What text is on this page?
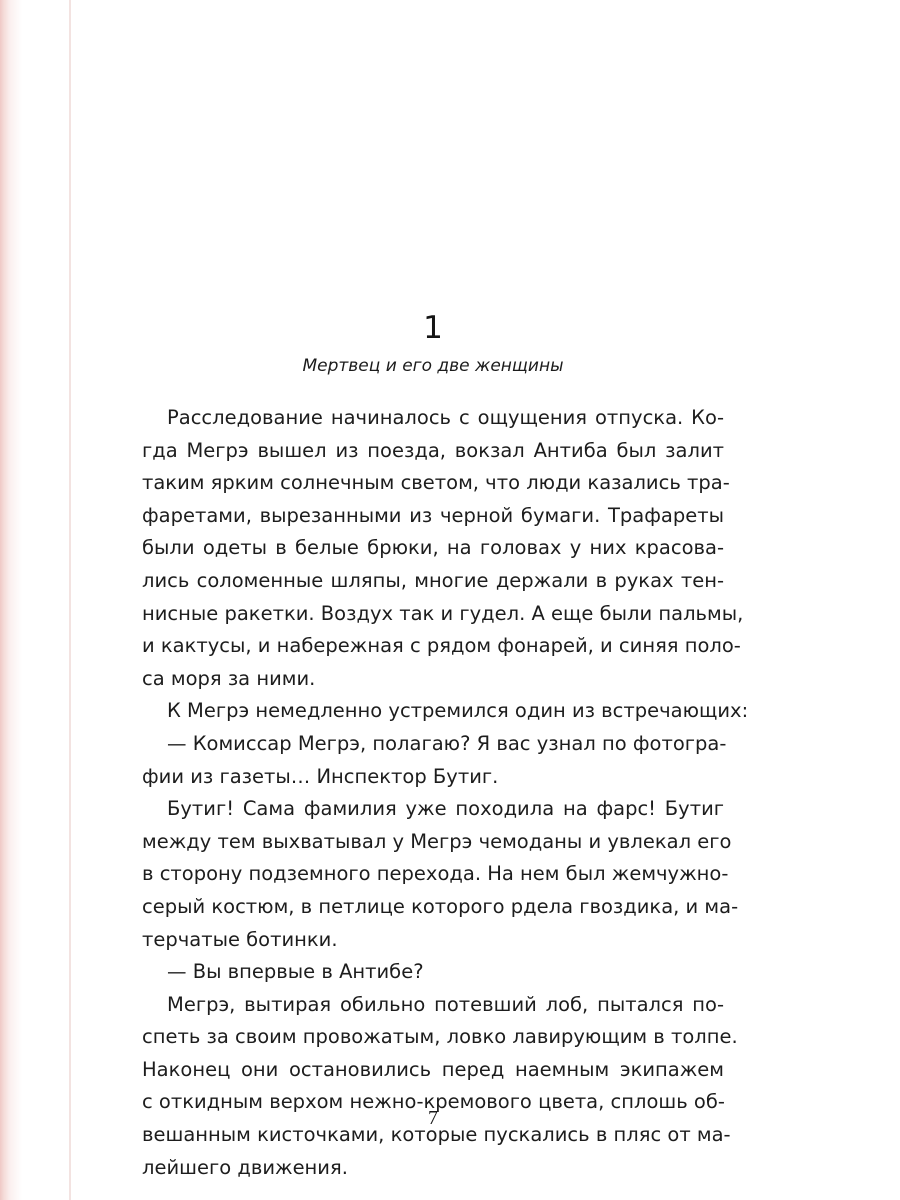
1
Мертвец и его две женщины
Расследование начиналось с ощущения отпуска. Ко-
гда Мегрэ вышел из поезда, вокзал Антиба был залит
таким ярким солнечным светом, что люди казались тра-
фаретами, вырезанными из черной бумаги. Трафареты
были одеты в белые брюки, на головах у них красова-
лись соломенные шляпы, многие держали в руках тен-
нисные ракетки. Воздух так и гудел. А еще были пальмы,
и кактусы, и набережная с рядом фонарей, и синяя поло-
са моря за ними.
К Мегрэ немедленно устремился один из встречающих:
— Комиссар Мегрэ, полагаю? Я вас узнал по фотогра-
фии из газеты… Инспектор Бутиг.
Бутиг! Сама фамилия уже походила на фарс! Бутиг
между тем выхватывал у Мегрэ чемоданы и увлекал его
в сторону подземного перехода. На нем был жемчужно-
серый костюм, в петлице которого рдела гвоздика, и ма-
терчатые ботинки.
— Вы впервые в Антибе?
Мегрэ, вытирая обильно потевший лоб, пытался по-
спеть за своим провожатым, ловко лавирующим в толпе.
Наконец они остановились перед наемным экипажем
с откидным верхом нежно-кремового цвета, сплошь об-
вешанным кисточками, которые пускались в пляс от ма-
лейшего движения.
7
